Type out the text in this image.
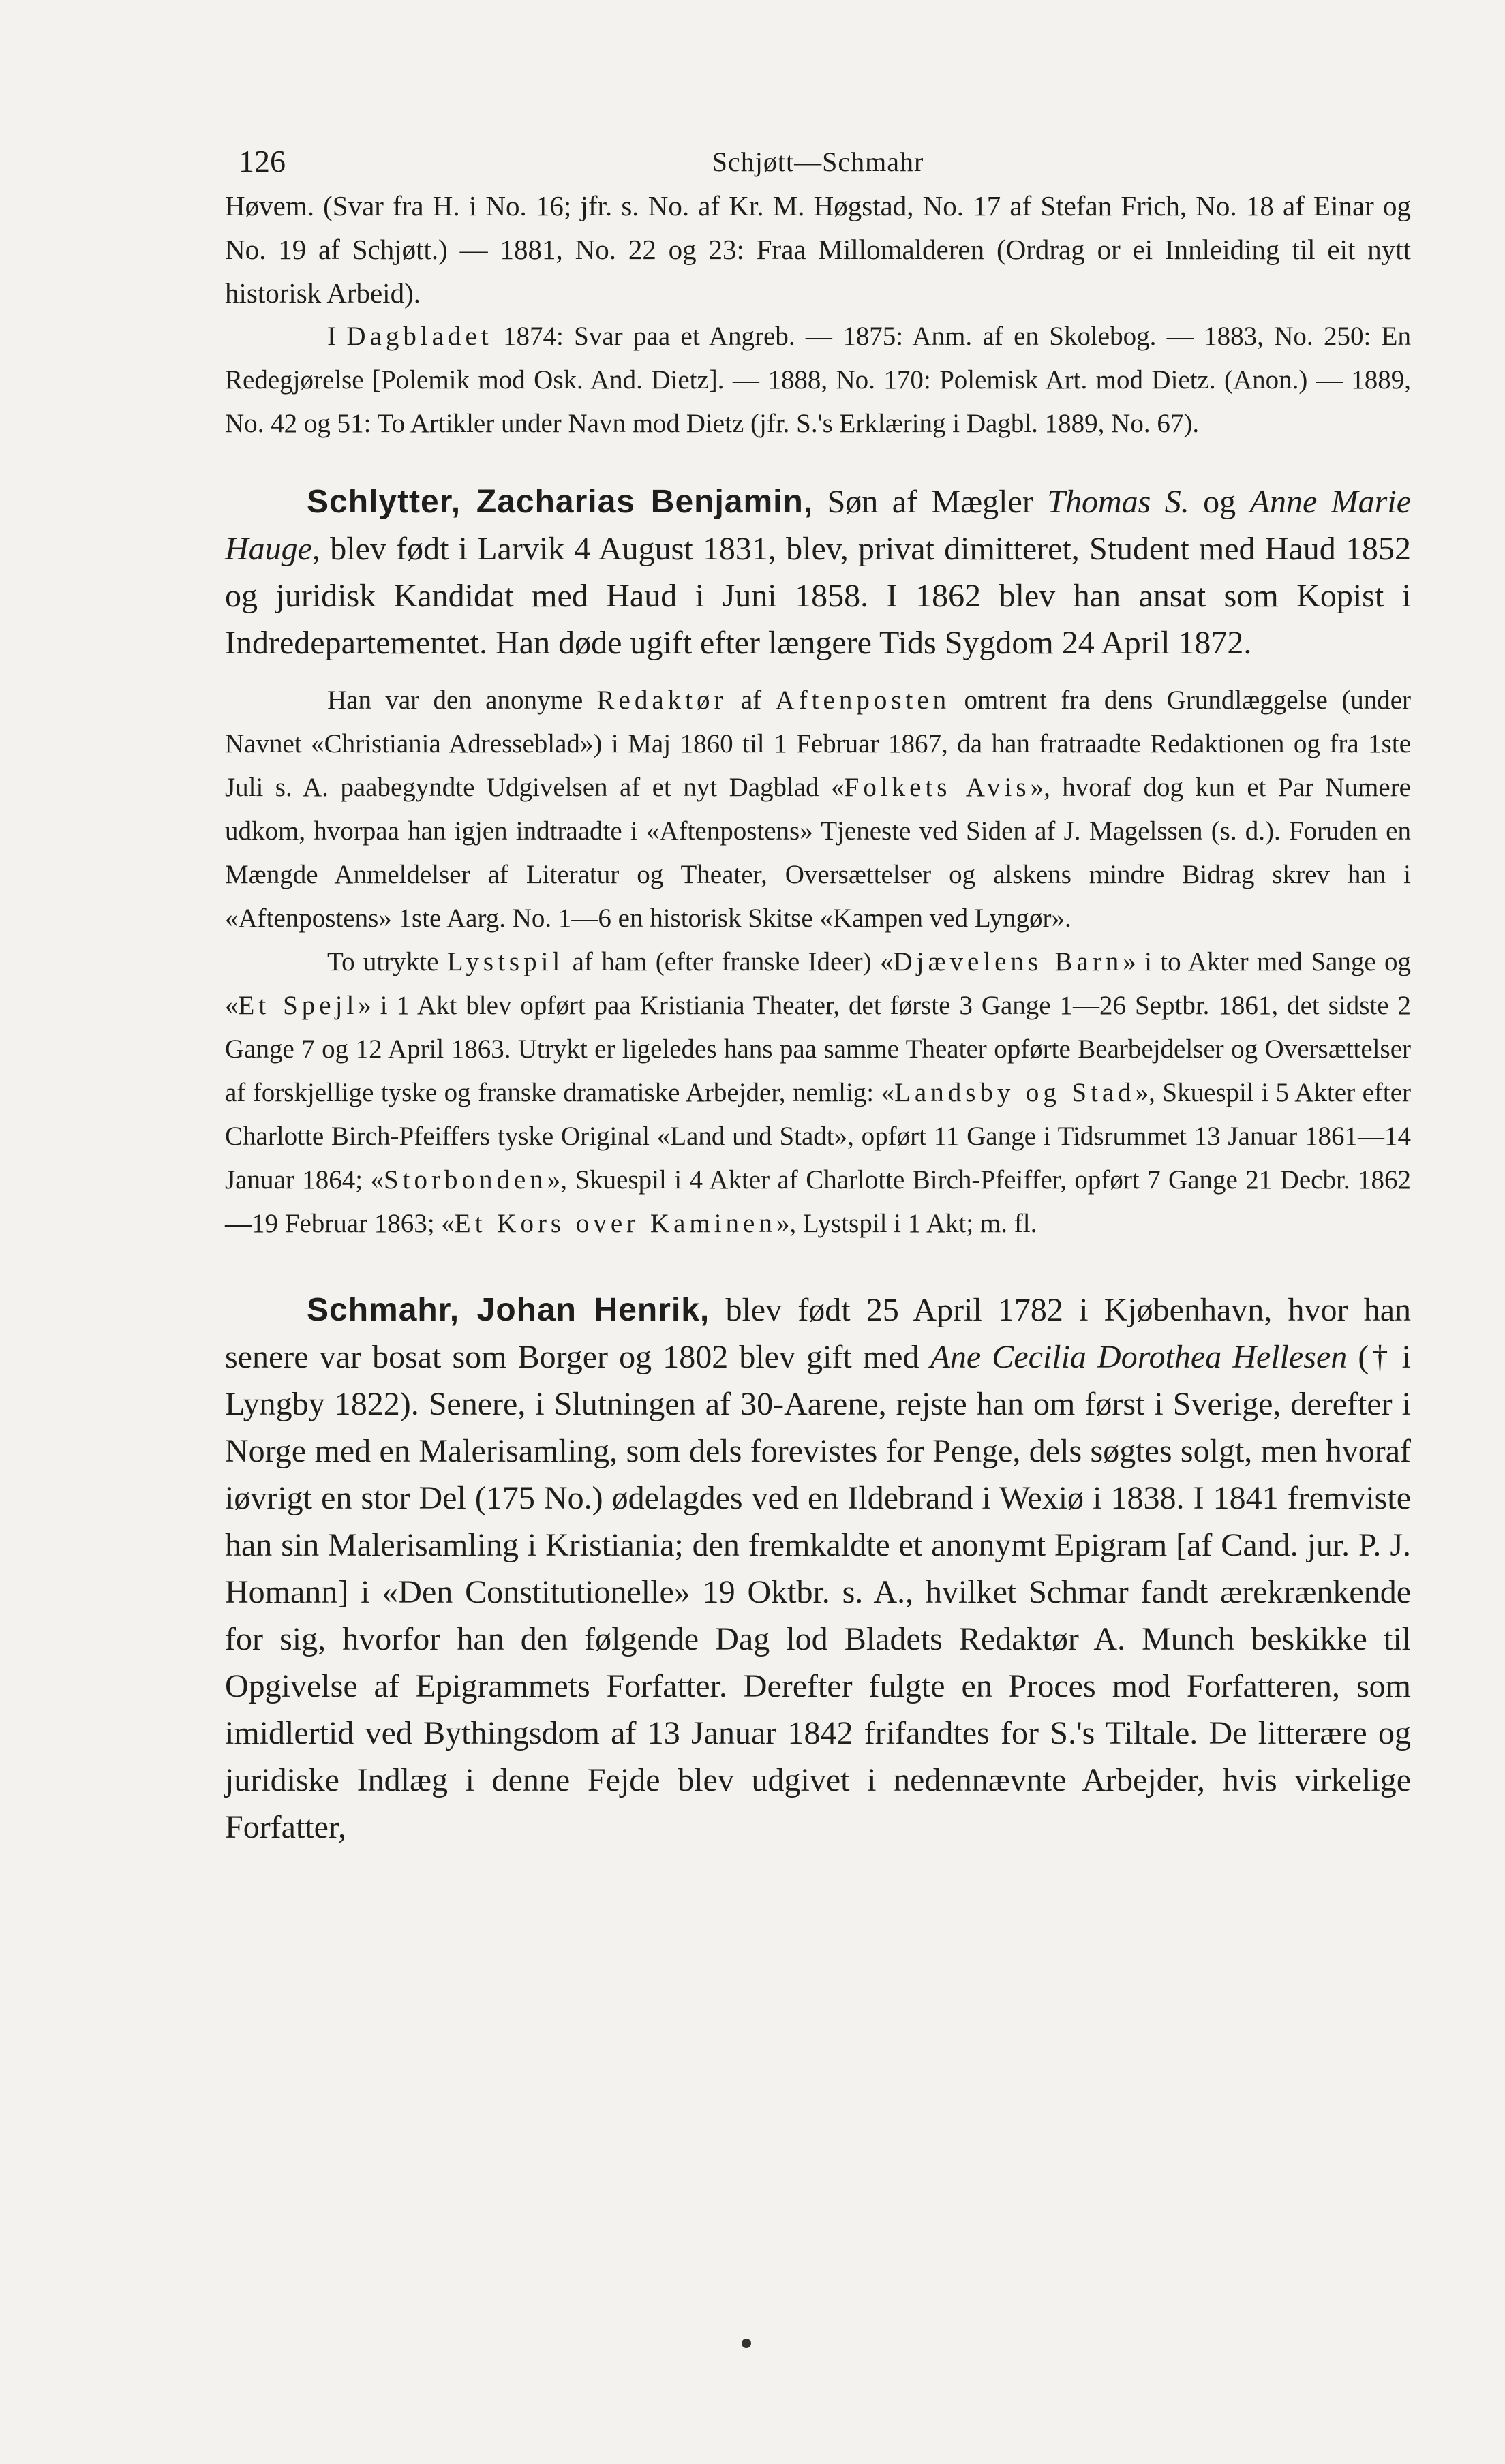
126	Schjøtt—Schmahr

Høvem. (Svar fra H. i No. 16; jfr. s. No. af Kr. M. Høgstad, No. 17 af Stefan Frich, No. 18 af Einar og No. 19 af Schjøtt.) — 1881, No. 22 og 23: Fraa Millomalderen (Ordrag or ei Innleiding til eit nytt historisk Arbeid).

I Dagbladet 1874: Svar paa et Angreb. — 1875: Anm. af en Skolebog. — 1883, No. 250: En Redegjørelse [Polemik mod Osk. And. Dietz]. — 1888, No. 170: Polemisk Art. mod Dietz. (Anon.) — 1889, No. 42 og 51: To Artikler under Navn mod Dietz (jfr. S.'s Erklæring i Dagbl. 1889, No. 67).

Schlytter, Zacharias Benjamin, Søn af Mægler Thomas S. og Anne Marie Hauge, blev født i Larvik 4 August 1831, blev, privat dimitteret, Student med Haud 1852 og juridisk Kandidat med Haud i Juni 1858. I 1862 blev han ansat som Kopist i Indredepartementet. Han døde ugift efter længere Tids Sygdom 24 April 1872.

Han var den anonyme Redaktør af Aftenposten omtrent fra dens Grundlæggelse (under Navnet «Christiania Adresseblad») i Maj 1860 til 1 Februar 1867, da han fratraadte Redaktionen og fra 1ste Juli s. A. paabegyndte Udgivelsen af et nyt Dagblad «Folkets Avis», hvoraf dog kun et Par Numere udkom, hvorpaa han igjen indtraadte i «Aftenpostens» Tjeneste ved Siden af J. Magelssen (s. d.). Foruden en Mængde Anmeldelser af Literatur og Theater, Oversættelser og alskens mindre Bidrag skrev han i «Aftenpostens» 1ste Aarg. No. 1—6 en historisk Skitse «Kampen ved Lyngør».

To utrykte Lystspil af ham (efter franske Ideer) «Djævelens Barn» i to Akter med Sange og «Et Spejl» i 1 Akt blev opført paa Kristiania Theater, det første 3 Gange 1—26 Septbr. 1861, det sidste 2 Gange 7 og 12 April 1863. Utrykt er ligeledes hans paa samme Theater opførte Bearbejdelser og Oversættelser af forskjellige tyske og franske dramatiske Arbejder, nemlig: «Landsby og Stad», Skuespil i 5 Akter efter Charlotte Birch-Pfeiffers tyske Original «Land und Stadt», opført 11 Gange i Tidsrummet 13 Januar 1861—14 Januar 1864; «Storbonden», Skuespil i 4 Akter af Charlotte Birch-Pfeiffer, opført 7 Gange 21 Decbr. 1862—19 Februar 1863; «Et Kors over Kaminen», Lystspil i 1 Akt; m. fl.

Schmahr, Johan Henrik, blev født 25 April 1782 i Kjøbenhavn, hvor han senere var bosat som Borger og 1802 blev gift med Ane Cecilia Dorothea Hellesen († i Lyngby 1822). Senere, i Slutningen af 30-Aarene, rejste han om først i Sverige, derefter i Norge med en Malerisamling, som dels forevistes for Penge, dels søgtes solgt, men hvoraf iøvrigt en stor Del (175 No.) ødelagdes ved en Ildebrand i Wexiø i 1838. I 1841 fremviste han sin Malerisamling i Kristiania; den fremkaldte et anonymt Epigram [af Cand. jur. P. J. Homann] i «Den Constitutionelle» 19 Oktbr. s. A., hvilket Schmar fandt ærekrænkende for sig, hvorfor han den følgende Dag lod Bladets Redaktør A. Munch beskikke til Opgivelse af Epigrammets Forfatter. Derefter fulgte en Proces mod Forfatteren, som imidlertid ved Bythingsdom af 13 Januar 1842 frifandtes for S.'s Tiltale. De litterære og juridiske Indlæg i denne Fejde blev udgivet i nedennævnte Arbejder, hvis virkelige Forfatter,
